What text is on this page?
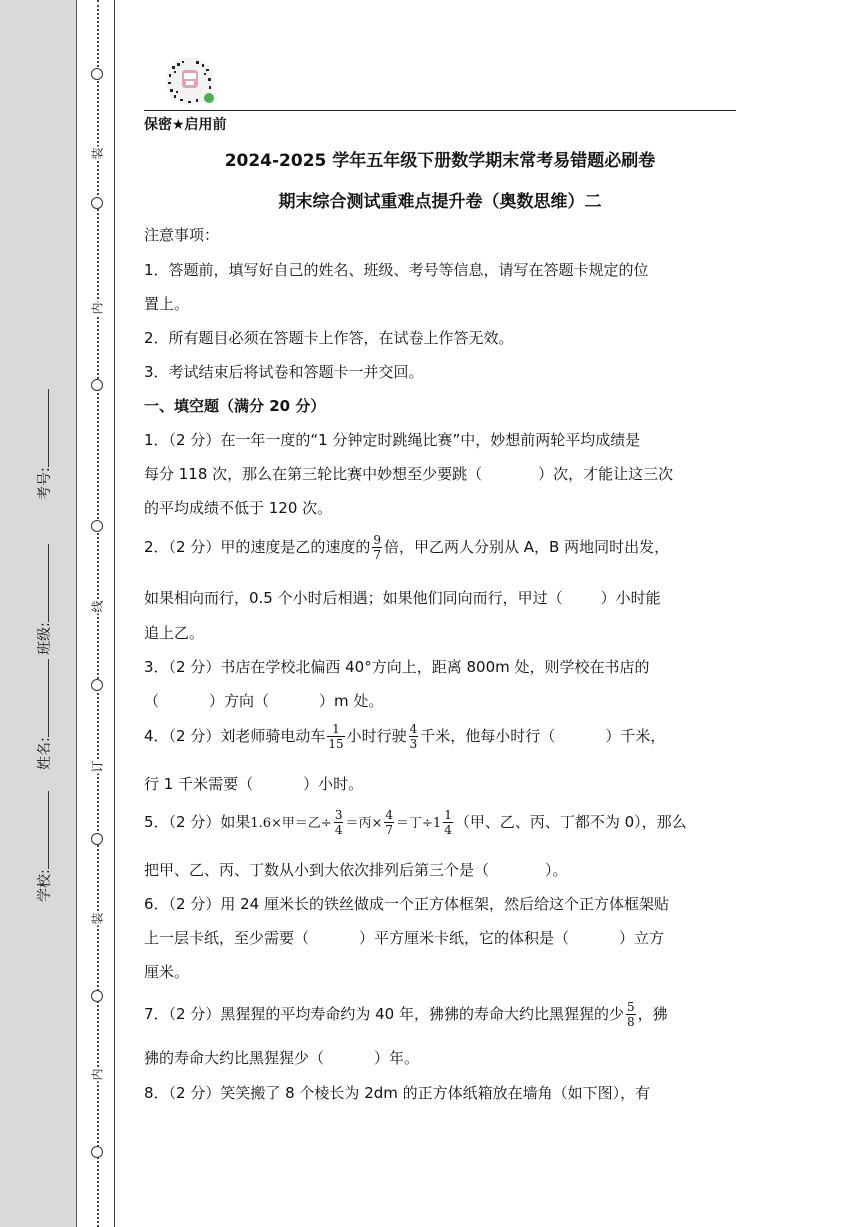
学校:
姓名:
班级:
考号:
装
内
线
订
装
内
保密★启用前
2024-2025 学年五年级下册数学期末常考易错题必刷卷
期末综合测试重难点提升卷（奥数思维）二
注意事项：
1．答题前，填写好自己的姓名、班级、考号等信息，请写在答题卡规定的位
置上。
2．所有题目必须在答题卡上作答，在试卷上作答无效。
3．考试结束后将试卷和答题卡一并交回。
一、填空题（满分 20 分）
1．（2 分）在一年一度的“1 分钟定时跳绳比赛”中，妙想前两轮平均成绩是
每分 118 次，那么在第三轮比赛中妙想至少要跳（	）次，才能让这三次
的平均成绩不低于 120 次。
2．（2 分）甲的速度是乙的速度的 $\frac{9}{7}$ 倍，甲乙两人分别从 A，B 两地同时出发，
如果相向而行，0.5 个小时后相遇；如果他们同向而行，甲过（	）小时能
追上乙。
3．（2 分）书店在学校北偏西 40°方向上，距离 800m 处，则学校在书店的
（	）方向（	）m 处。
4．（2 分）刘老师骑电动车 $\frac{1}{15}$ 小时行驶 $\frac{4}{3}$ 千米，他每小时行（	）千米，
行 1 千米需要（	）小时。
5．（2 分）如果1.6×甲＝乙÷ $\frac{3}{4}$ ＝丙× $\frac{4}{7}$ ＝丁$\div 1 \frac{1}{4}$ （甲、乙、丙、丁都不为 0），那么
把甲、乙、丙、丁数从小到大依次排列后第三个是（	）。
6．（2 分）用 24 厘米长的铁丝做成一个正方体框架，然后给这个正方体框架贴
上一层卡纸，至少需要（	）平方厘米卡纸，它的体积是（	）立方
厘米。
7．（2 分）黑猩猩的平均寿命约为 40 年，狒狒的寿命大约比黑猩猩的少 $\frac{5}{8}$ ，狒
狒的寿命大约比黑猩猩少（	）年。
8．（2 分）笑笑搬了 8 个棱长为 2dm 的正方体纸箱放在墙角（如下图），有
